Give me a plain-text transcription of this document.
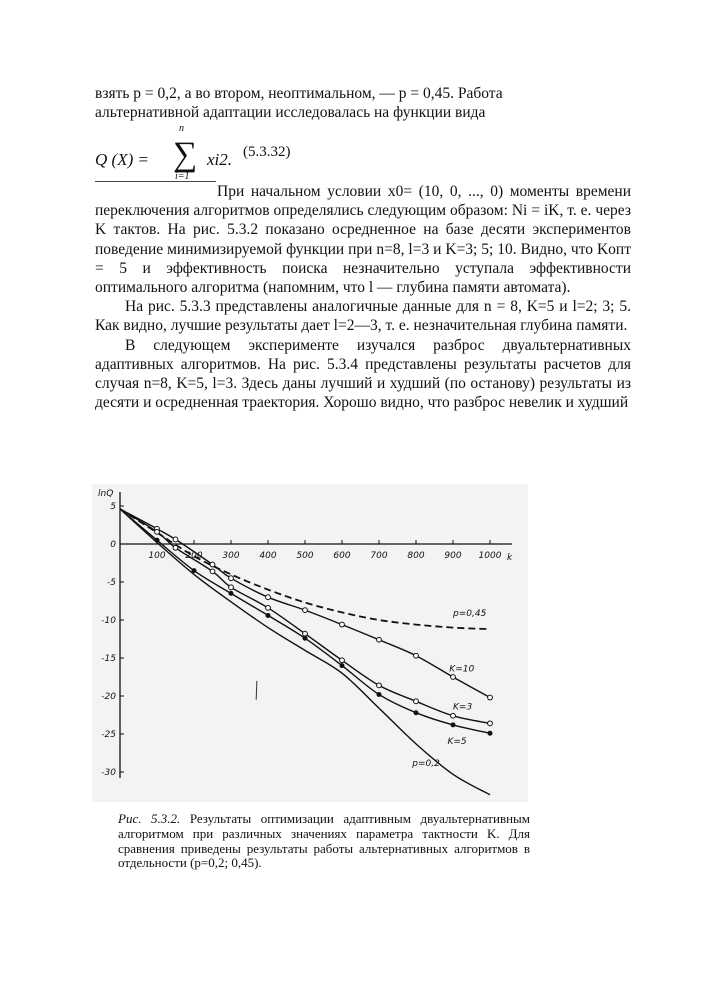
взять p = 0,2, а во втором, неоптимальном, — p = 0,45. Работа
альтернативной адаптации исследовалась на функции вида
Q (X) =
n
∑
i=1
xi2. (5.3.32)
При начальном условии x0= (10, 0, ..., 0) моменты времени переключения алгоритмов определялись следующим образом: Ni = iK, т. е. через K тактов. На рис. 5.3.2 показано осредненное на базе десяти экспериментов поведение минимизируемой функции при n=8, l=3 и K=3; 5; 10. Видно, что Kопт = 5 и эффективность поиска незначительно уступала эффективности оптимального алгоритма (напомним, что l — глубина памяти автомата).
На рис. 5.3.3 представлены аналогичные данные для n = 8, K=5 и l=2; 3; 5. Как видно, лучшие результаты дает l=2—3, т. е. незначительная глубина памяти.
В следующем эксперименте изучался разброс двуальтернативных адаптивных алгоритмов. На рис. 5.3.4 представлены результаты расчетов для случая n=8, K=5, l=3. Здесь даны лучший и худший (по останову) результаты из десяти и осредненная траектория. Хорошо видно, что разброс невелик и худший
lnQ
k
5
0
-5
-10
-15
-20
-25
-30
100 200 300 400 500 600 700 800 900 1000
p=0,45
K=10
K=3
K=5
p=0,2
Рис. 5.3.2. Результаты оптимизации адаптивным двуальтернативным алгоритмом при различных значениях параметра тактности K. Для сравнения приведены результаты работы альтернативных алгоритмов в отдельности (p=0,2; 0,45).
